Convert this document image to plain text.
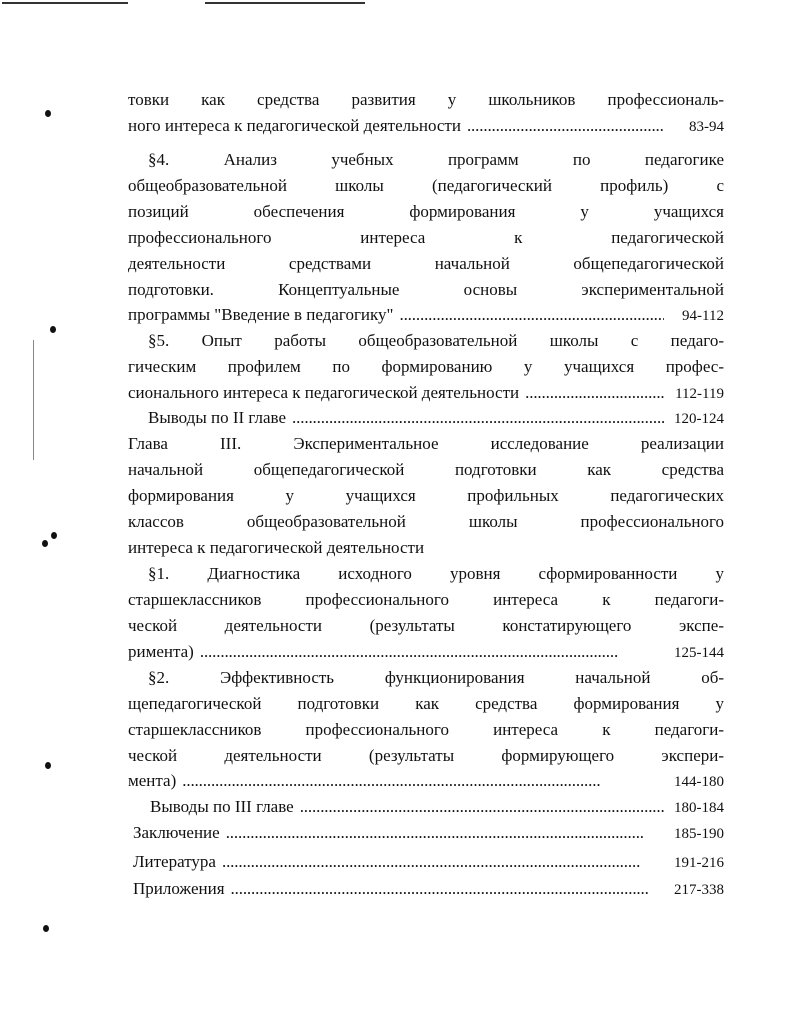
товки как средства развития у школьников профессиональ-
ного интереса к педагогической деятельности . . .	83-94
§4. Анализ учебных программ по педагогике
общеобразовательной школы (педагогический профиль) с
позиций обеспечения формирования у учащихся
профессионального интереса к педагогической
деятельности средствами начальной общепедагогической
подготовки. Концептуальные основы экспериментальной
программы "Введение в педагогику" . . .	94-112
§5. Опыт работы общеобразовательной школы с педаго-
гическим профилем по формированию у учащихся профес-
сионального интереса к педагогической деятельности . . .	112-119
Выводы по II главе . . .	120-124
Глава III. Экспериментальное исследование реализации
начальной общепедагогической подготовки как средства
формирования у учащихся профильных педагогических
классов общеобразовательной школы профессионального
интереса к педагогической деятельности
§1. Диагностика исходного уровня сформированности у
старшеклассников профессионального интереса к педагоги-
ческой деятельности (результаты констатирующего экспе-
римента) . . .	125-144
§2. Эффективность функционирования начальной об-
щепедагогической подготовки как средства формирования у
старшеклассников профессионального интереса к педагоги-
ческой деятельности (результаты формирующего экспери-
мента) . . .	144-180
Выводы по III главе . . .	180-184
Заключение . . .	185-190
Литература . . .	191-216
Приложения . . .	217-338
